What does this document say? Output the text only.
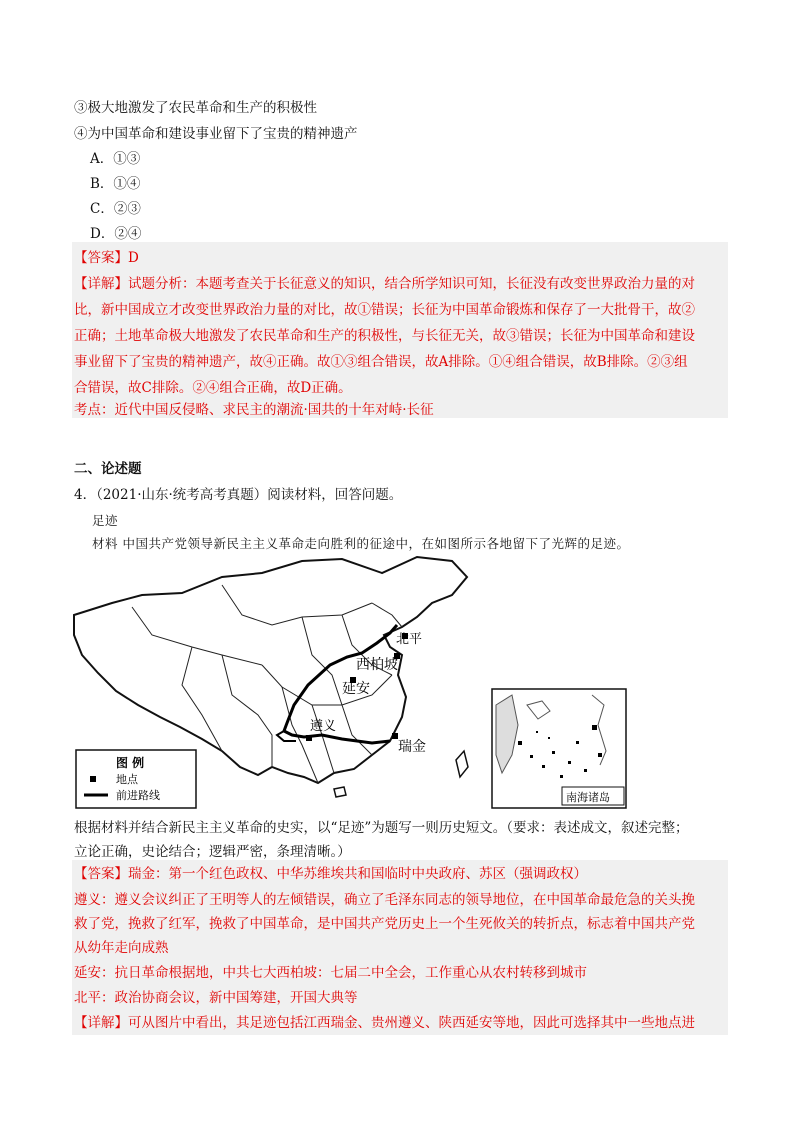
③极大地激发了农民革命和生产的积极性
④为中国革命和建设事业留下了宝贵的精神遗产
A．①③
B．①④
C．②③
D．②④
【答案】D
【详解】试题分析：本题考查关于长征意义的知识，结合所学知识可知，长征没有改变世界政治力量的对
比，新中国成立才改变世界政治力量的对比，故①错误；长征为中国革命锻炼和保存了一大批骨干，故②
正确；土地革命极大地激发了农民革命和生产的积极性，与长征无关，故③错误；长征为中国革命和建设
事业留下了宝贵的精神遗产，故④正确。故①③组合错误，故A排除。①④组合错误，故B排除。②③组
合错误，故C排除。②④组合正确，故D正确。
考点：近代中国反侵略、求民主的潮流·国共的十年对峙·长征
二、论述题
4．（2021·山东·统考高考真题）阅读材料，回答问题。
足迹
材料 中国共产党领导新民主主义革命走向胜利的征途中，在如图所示各地留下了光辉的足迹。
北平
西柏坡
延安
遵义
瑞金
图 例
地点
前进路线	南海诸岛
根据材料并结合新民主主义革命的史实，以“足迹”为题写一则历史短文。（要求：表述成文，叙述完整；
立论正确，史论结合；逻辑严密，条理清晰。）
【答案】瑞金：第一个红色政权、中华苏维埃共和国临时中央政府、苏区（强调政权）
遵义：遵义会议纠正了王明等人的左倾错误，确立了毛泽东同志的领导地位，在中国革命最危急的关头挽
救了党，挽救了红军，挽救了中国革命，是中国共产党历史上一个生死攸关的转折点，标志着中国共产党
从幼年走向成熟
延安：抗日革命根据地，中共七大西柏坡：七届二中全会，工作重心从农村转移到城市
北平：政治协商会议，新中国筹建，开国大典等
【详解】可从图片中看出，其足迹包括江西瑞金、贵州遵义、陕西延安等地，因此可选择其中一些地点进
